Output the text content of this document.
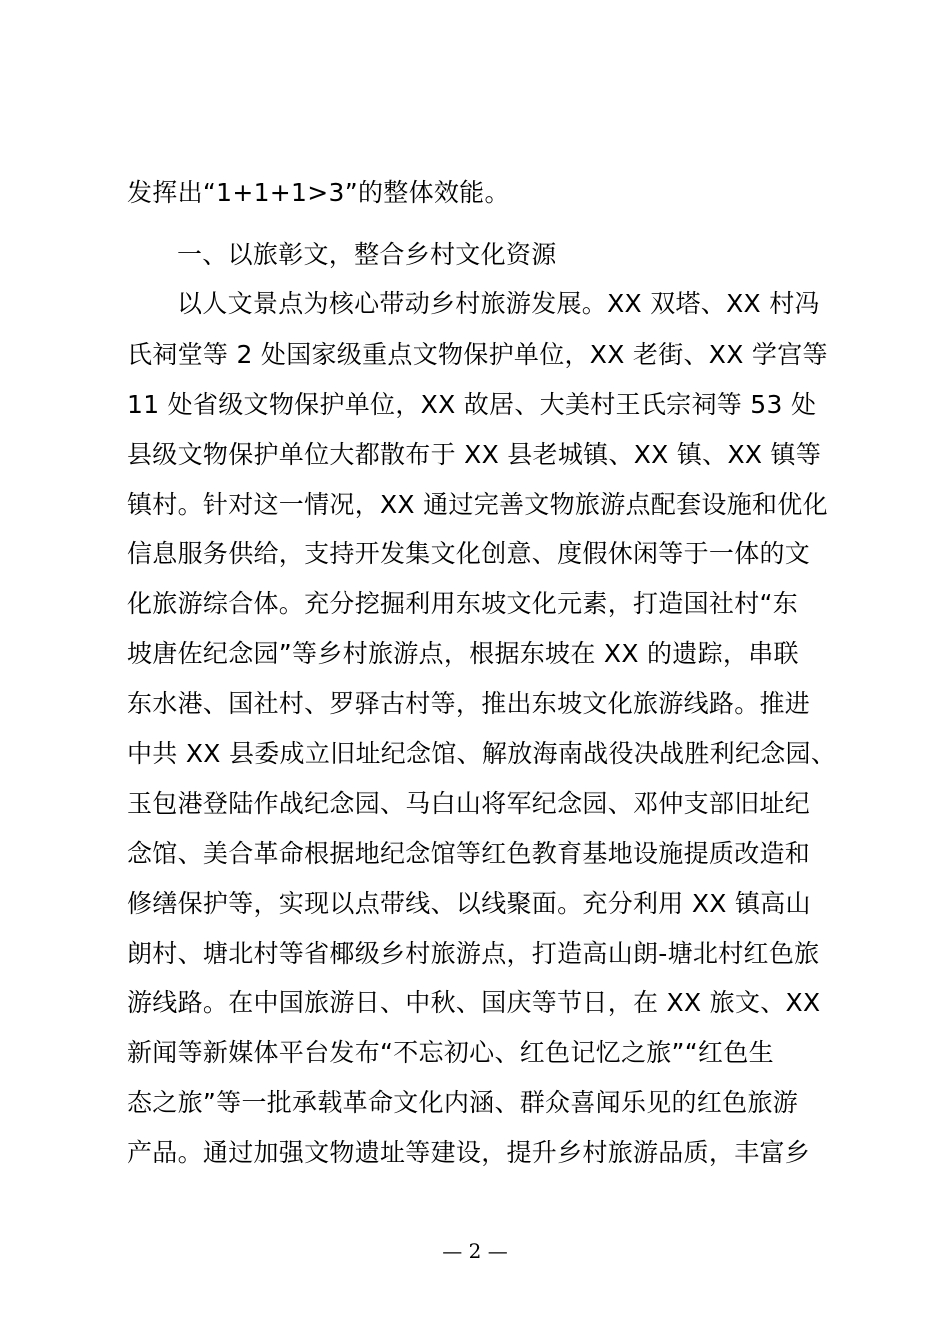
发挥出“1+1+1>3”的整体效能。
一、以旅彰文，整合乡村文化资源
以人文景点为核心带动乡村旅游发展。XX 双塔、XX 村冯
氏祠堂等 2 处国家级重点文物保护单位，XX 老街、XX 学宫等
11 处省级文物保护单位，XX 故居、大美村王氏宗祠等 53 处
县级文物保护单位大都散布于 XX 县老城镇、XX 镇、XX 镇等
镇村。针对这一情况，XX 通过完善文物旅游点配套设施和优化
信息服务供给，支持开发集文化创意、度假休闲等于一体的文
化旅游综合体。充分挖掘利用东坡文化元素，打造国社村“东
坡唐佐纪念园”等乡村旅游点，根据东坡在 XX 的遗踪，串联
东水港、国社村、罗驿古村等，推出东坡文化旅游线路。推进
中共 XX 县委成立旧址纪念馆、解放海南战役决战胜利纪念园、
玉包港登陆作战纪念园、马白山将军纪念园、邓仲支部旧址纪
念馆、美合革命根据地纪念馆等红色教育基地设施提质改造和
修缮保护等，实现以点带线、以线聚面。充分利用 XX 镇高山
朗村、塘北村等省椰级乡村旅游点，打造高山朗-塘北村红色旅
游线路。在中国旅游日、中秋、国庆等节日，在 XX 旅文、XX
新闻等新媒体平台发布“不忘初心、红色记忆之旅”“红色生
态之旅”等一批承载革命文化内涵、群众喜闻乐见的红色旅游
产品。通过加强文物遗址等建设，提升乡村旅游品质，丰富乡
— 2 —
